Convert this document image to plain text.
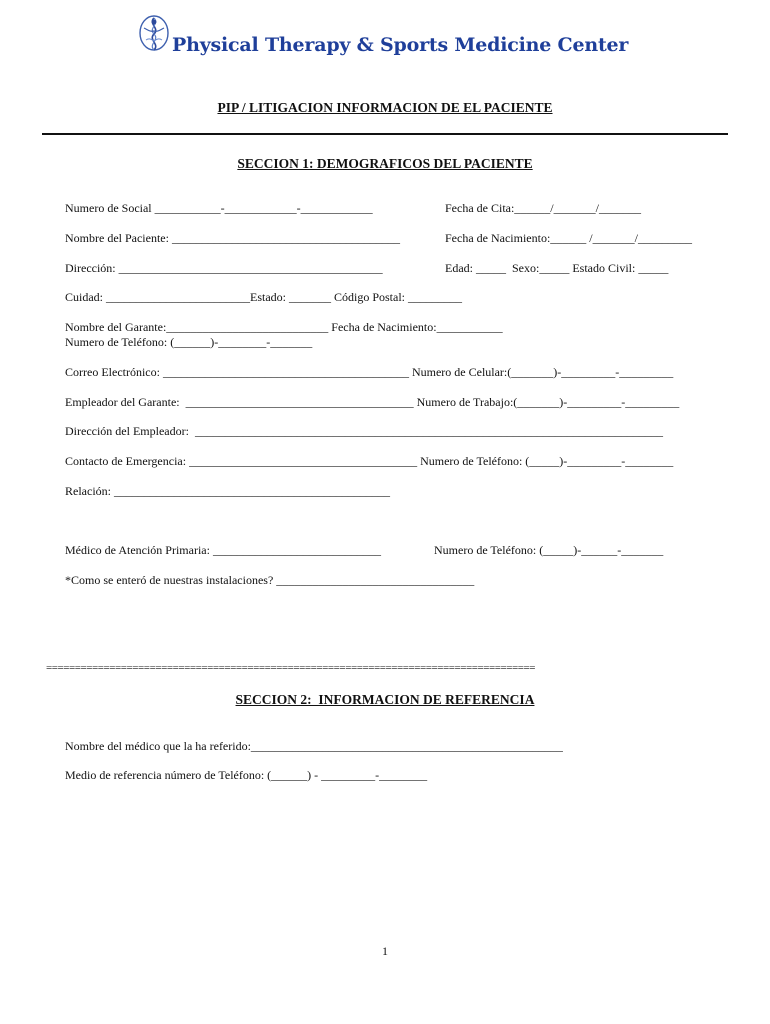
Physical Therapy & Sports Medicine Center
PIP / LITIGACION INFORMACION DE EL PACIENTE
SECCION 1: DEMOGRAFICOS DEL PACIENTE
Numero de Social ___________-____________-____________	Fecha de Cita:______/_______/_______
Nombre del Paciente: ______________________________________	Fecha de Nacimiento:______ /_______/_________
Dirección: ____________________________________________	Edad: _____  Sexo:_____ Estado Civil: _____
Cuidad: ________________________Estado: _______ Código Postal: _________
Nombre del Garante:___________________________ Fecha de Nacimiento:___________
Numero de Teléfono: (______)-________-_______
Correo Electrónico: _________________________________________ Numero de Celular:(_______)-_________-_________
Empleador del Garante:  ______________________________________ Numero de Trabajo:(_______)-_________-_________
Dirección del Empleador:  ______________________________________________________________________________
Contacto de Emergencia: ______________________________________ Numero de Teléfono: (_____)-_________-________
Relación: ______________________________________________
Médico de Atención Primaria: ____________________________	Numero de Teléfono: (_____)-______-_______
*Como se enteró de nuestras instalaciones? _________________________________
=====================================================================================
SECCION 2:  INFORMACION DE REFERENCIA
Nombre del médico que la ha referido:____________________________________________________
Medio de referencia número de Teléfono: (______) - _________-________
1
